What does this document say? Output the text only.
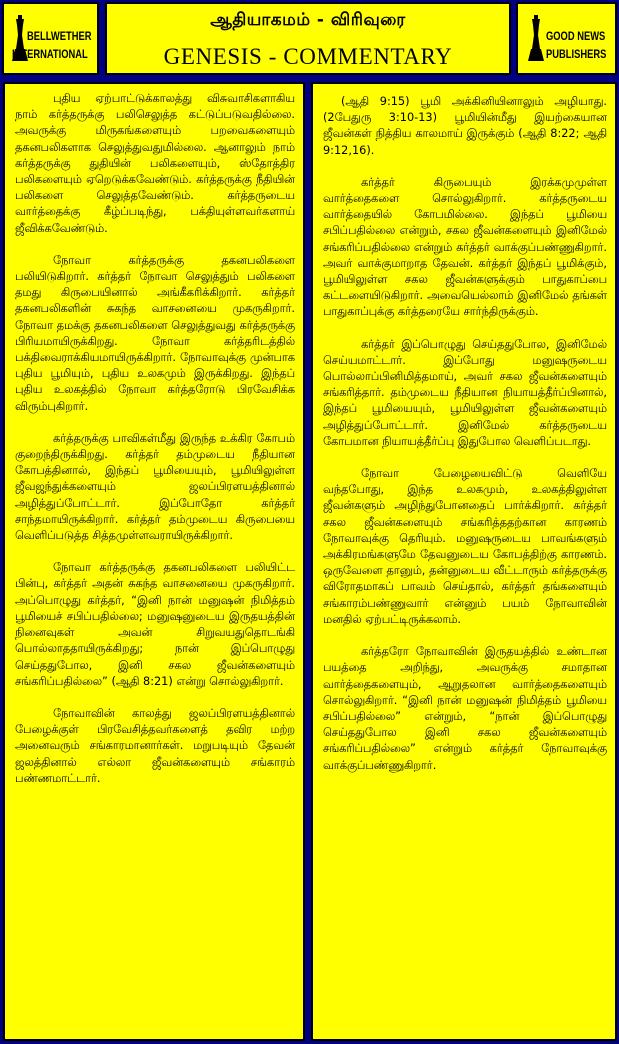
BELLWETHER
INTERNATIONAL
ஆதியாகமம் - விரிவுரை
GENESIS - COMMENTARY
GOOD NEWS
PUBLISHERS

புதிய ஏற்பாட்டுக்காலத்து விசுவாசிகளாகிய நாம் கர்த்தருக்கு பலிசெலுத்த கட்டுப்படுவதில்லை. அவருக்கு மிருகங்களையும் பறவைகளையும் தகனபலிகளாக செலுத்துவதுமில்லை. ஆனாலும் நாம் கர்த்தருக்கு துதியின் பலிகளையும், ஸ்தோத்திர பலிகளையும் ஏறெடுக்கவேண்டும். கர்த்தருக்கு நீதியின் பலிகளை செலுத்தவேண்டும். கர்த்தருடைய வார்த்தைக்கு கீழ்ப்படிந்து, பக்தியுள்ளவர்களாய் ஜீவிக்கவேண்டும்.

நோவா கர்த்தருக்கு தகனபலிகளை பலியிடுகிறார். கர்த்தர் நோவா செலுத்தும் பலிகளை தமது கிருபையினால் அங்கீகரிக்கிறார். கர்த்தர் தகனபலிகளின் சுகந்த வாசனையை முகருகிறார். நோவா தமக்கு தகனபலிகளை செலுத்துவது கர்த்தருக்கு பிரியமாயிருக்கிறது. நோவா கர்த்தரிடத்தில் பக்திவைராக்கியமாயிருக்கிறார். நோவாவுக்கு முன்பாக புதிய பூமியும், புதிய உலகமும் இருக்கிறது. இந்தப் புதிய உலகத்தில் நோவா கர்த்தரோடு பிரவேசிக்க விரும்புகிறார்.

கர்த்தருக்கு பாவிகள்மீது இருந்த உக்கிர கோபம் குறைந்திருக்கிறது. கர்த்தர் தம்முடைய நீதியான கோபத்தினால், இந்தப் பூமியையும், பூமியிலுள்ள ஜீவஜந்துக்களையும் ஜலப்பிரளயத்தினால் அழித்துப்போட்டார். இப்போதோ கர்த்தர் சாந்தமாயிருக்கிறார். கர்த்தர் தம்முடைய கிருபையை வெளிப்படுத்த சித்தமுள்ளவராயிருக்கிறார்.

நோவா கர்த்தருக்கு தகனபலிகளை பலியிட்ட பின்பு, கர்த்தர் அதன் சுகந்த வாசனையை முகருகிறார். அப்பொழுது கர்த்தர், “இனி நான் மனுஷன் நிமித்தம் பூமியைச் சபிப்பதில்லை; மனுஷனுடைய இருதயத்தின் நினைவுகள் அவன் சிறுவயதுதொடங்கி பொல்லாததாயிருக்கிறது; நான் இப்பொழுது செய்ததுபோல, இனி சகல ஜீவன்களையும் சங்கரிப்பதில்லை” (ஆதி 8:21) என்று சொல்லுகிறார்.

நோவாவின் காலத்து ஜலப்பிரளயத்தினால் பேழைக்குள் பிரவேசித்தவர்களைத் தவிர மற்ற அனைவரும் சங்காரமானார்கள். மறுபடியும் தேவன் ஜலத்தினால் எல்லா ஜீவன்களையும் சங்காரம் பண்ணமாட்டார்.

(ஆதி 9:15) பூமி அக்கினியினாலும் அழியாது. (2பேதுரு 3:10-13) பூமியின்மீது இயற்கையான ஜீவன்கள் நித்திய காலமாய் இருக்கும் (ஆதி 8:22; ஆதி 9:12,16).

கர்த்தர் கிருபையும் இரக்கமுமுள்ள வார்த்தைகளை சொல்லுகிறார். கர்த்தருடைய வார்த்தையில் கோபமில்லை. இந்தப் பூமியை சபிப்பதில்லை என்றும், சகல ஜீவன்களையும் இனிமேல் சங்கரிப்பதில்லை என்றும் கர்த்தர் வாக்குப்பண்ணுகிறார். அவர் வாக்குமாறாத தேவன். கர்த்தர் இந்தப் பூமிக்கும், பூமியிலுள்ள சகல ஜீவன்களுக்கும் பாதுகாப்பை கட்டளையிடுகிறார். அவையெல்லாம் இனிமேல் தங்கள் பாதுகாப்புக்கு கர்த்தரையே சார்ந்திருக்கும்.

கர்த்தர் இப்பொழுது செய்ததுபோல, இனிமேல் செய்யமாட்டார். இப்போது மனுஷருடைய பொல்லாப்பினிமித்தமாய், அவர் சகல ஜீவன்களையும் சங்கரித்தார். தம்முடைய நீதியான நியாயத்தீர்ப்பினால், இந்தப் பூமியையும், பூமியிலுள்ள ஜீவன்களையும் அழித்துப்போட்டார். இனிமேல் கர்த்தருடைய கோபமான நியாயத்தீர்ப்பு இதுபோல வெளிப்படாது.

நோவா பேழையைவிட்டு வெளியே வந்தபோது, இந்த உலகமும், உலகத்திலுள்ள ஜீவன்களும் அழிந்துபோனதைப் பார்க்கிறார். கர்த்தர் சகல ஜீவன்களையும் சங்கரித்ததற்கான காரணம் நோவாவுக்கு தெரியும். மனுஷருடைய பாவங்களும் அக்கிரமங்களுமே தேவனுடைய கோபத்திற்கு காரணம். ஒருவேளை தானும், தன்னுடைய வீட்டாரும் கர்த்தருக்கு விரோதமாகப் பாவம் செய்தால், கர்த்தர் தங்களையும் சங்காரம்பண்ணுவார் என்னும் பயம் நோவாவின் மனதில் ஏற்பட்டிருக்கலாம்.

கர்த்தரோ நோவாவின் இருதயத்தில் உண்டான பயத்தை அறிந்து, அவருக்கு சமாதான வார்த்தைகளையும், ஆறுதலான வார்த்தைகளையும் சொல்லுகிறார். “இனி நான் மனுஷன் நிமித்தம் பூமியை சபிப்பதில்லை” என்றும், “நான் இப்பொழுது செய்ததுபோல இனி சகல ஜீவன்களையும் சங்கரிப்பதில்லை” என்றும் கர்த்தர் நோவாவுக்கு வாக்குப்பண்ணுகிறார்.
